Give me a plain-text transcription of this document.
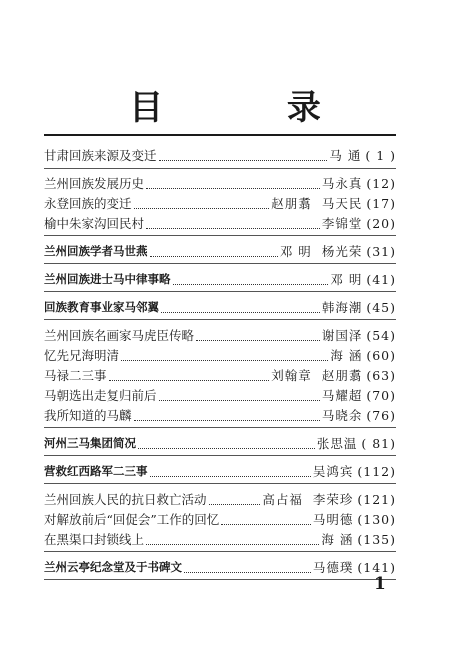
目 录
甘肃回族来源及变迁	马 通 ( 1 )
兰州回族发展历史	马永真 (12)
永登回族的变迁	赵朋翥 马天民 (17)
榆中朱家沟回民村	李锦堂 (20)
兰州回族学者马世燕	邓 明 杨光荣 (31)
兰州回族进士马中律事略	邓 明 (41)
回族教育事业家马邻翼	韩海潮 (45)
兰州回族名画家马虎臣传略	谢国泽 (54)
忆先兄海明清	海 涵 (60)
马禄二三事	刘翰章 赵朋翥 (63)
马朝选出走复归前后	马耀超 (70)
我所知道的马麟	马晓余 (76)
河州三马集团简况	张思温 ( 81)
营救红西路军二三事	吴鸿宾 (112)
兰州回族人民的抗日救亡活动	高占福 李荣珍 (121)
对解放前后“回促会”工作的回忆	马明德 (130)
在黑渠口封锁线上	海 涵 (135)
兰州云亭纪念堂及于书碑文	马德璞 (141)
1
